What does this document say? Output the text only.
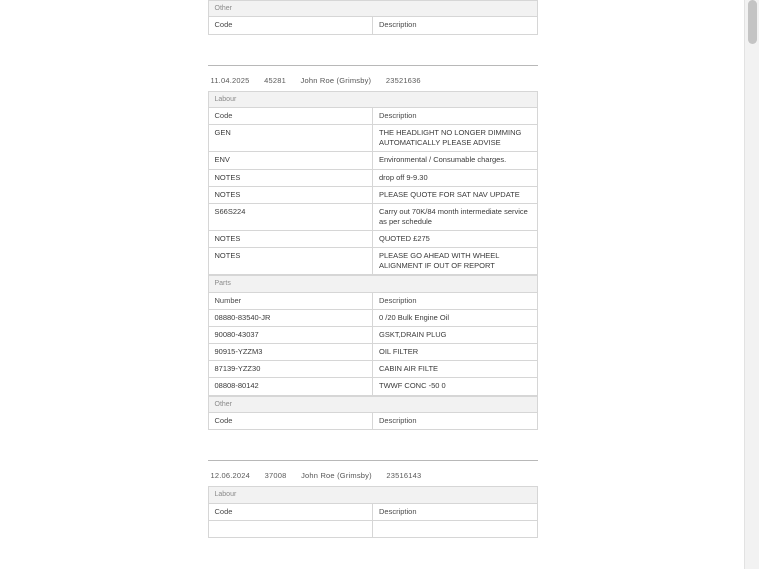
Other
Code	Description
11.04.2025 45281 John Roe (Grimsby) 23521636
Labour	
Code	Description
GEN	THE HEADLIGHT NO LONGER DIMMING AUTOMATICALLY PLEASE ADVISE
ENV	Environmental / Consumable charges.
NOTES	drop off 9-9.30
NOTES	PLEASE QUOTE FOR SAT NAV UPDATE
S66S224	Carry out 70K/84 month intermediate service as per schedule
NOTES	QUOTED £275
NOTES	PLEASE GO AHEAD WITH WHEEL ALIGNMENT IF OUT OF REPORT
Parts	
Number	Description
08880-83540-JR	0 /20 Bulk Engine Oil
90080-43037	GSKT,DRAIN PLUG
90915-YZZM3	OIL FILTER
87139-YZZ30	CABIN AIR FILTE
08808-80142	TWWF CONC -50 0
Other
Code	Description
12.06.2024 37008 John Roe (Grimsby) 23516143
Labour	
Code	Description
